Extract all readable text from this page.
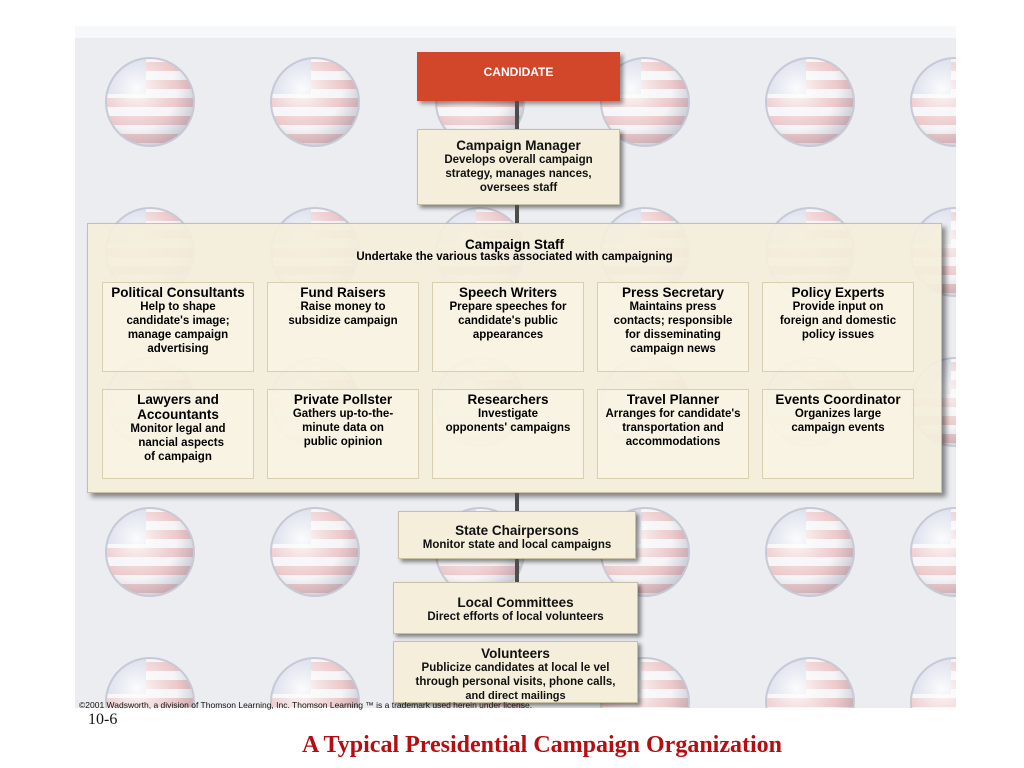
CANDIDATE
Campaign Manager
Develops overall campaign
strategy, manages nances,
oversees staff
Campaign Staff
Undertake the various tasks associated with campaigning
Political Consultants
Help to shape
candidate's image;
manage campaign
advertising
Fund Raisers
Raise money to
subsidize campaign
Speech Writers
Prepare speeches for
candidate's public
appearances
Press Secretary
Maintains press
contacts; responsible
for disseminating
campaign news
Policy Experts
Provide input on
foreign and domestic
policy issues
Lawyers and
Accountants
Monitor legal and
nancial aspects
of campaign
Private Pollster
Gathers up-to-the-
minute data on
public opinion
Researchers
Investigate
opponents' campaigns
Travel Planner
Arranges for candidate's
transportation and
accommodations
Events Coordinator
Organizes large
campaign events
State Chairpersons
Monitor state and local campaigns
Local Committees
Direct efforts of local volunteers
Volunteers
Publicize candidates at local le vel
through personal visits, phone calls,
and direct mailings
©2001 Wadsworth, a division of Thomson Learning, Inc. Thomson Learning ™ is a trademark used herein under license.
10-6
A Typical Presidential Campaign Organization
